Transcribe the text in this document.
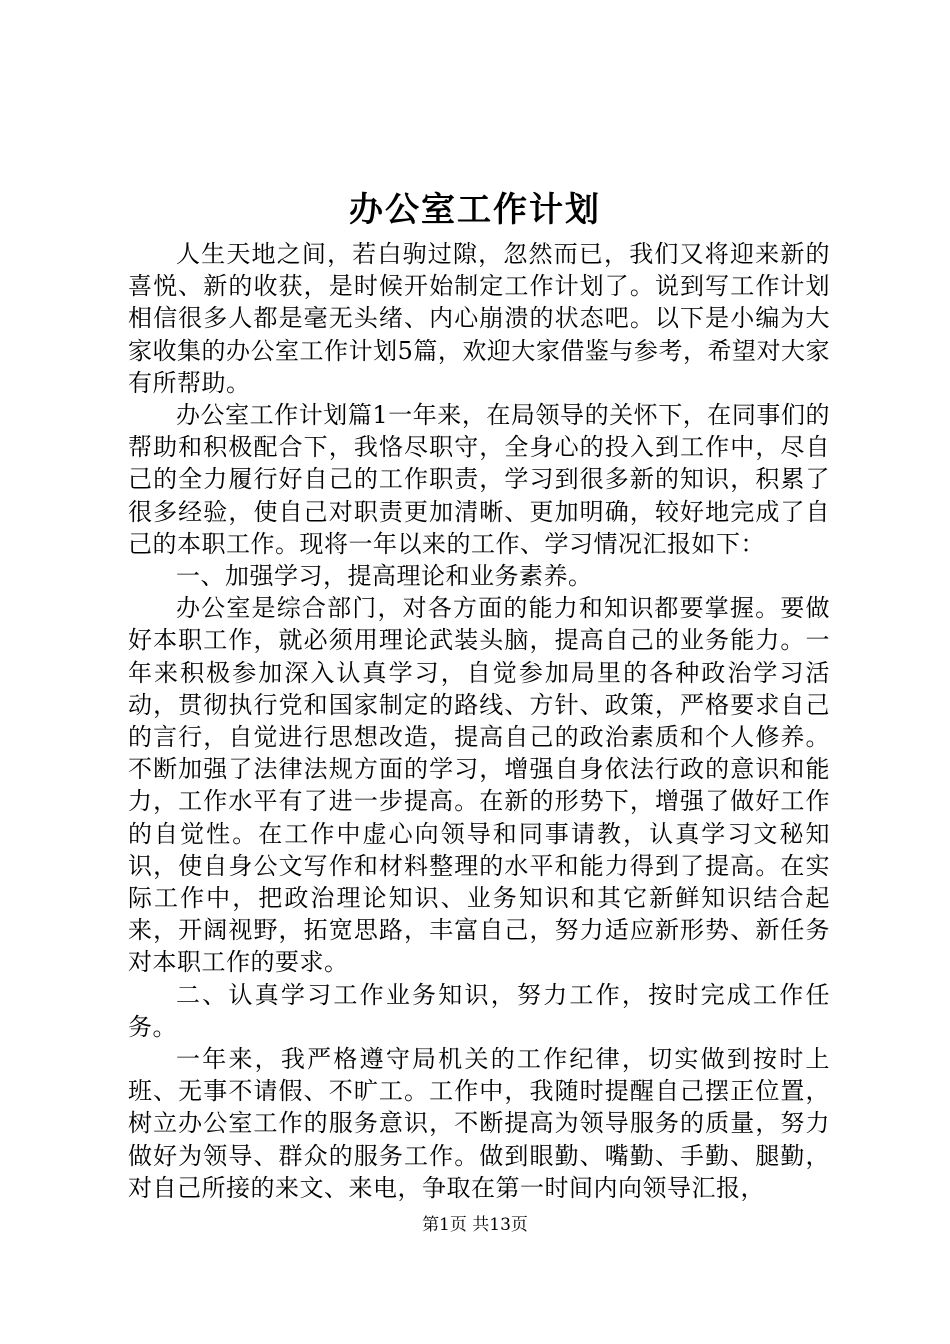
办公室工作计划

人生天地之间，若白驹过隙，忽然而已，我们又将迎来新的喜悦、新的收获，是时候开始制定工作计划了。说到写工作计划相信很多人都是毫无头绪、内心崩溃的状态吧。以下是小编为大家收集的办公室工作计划5篇，欢迎大家借鉴与参考，希望对大家有所帮助。

办公室工作计划篇1一年来，在局领导的关怀下，在同事们的帮助和积极配合下，我恪尽职守，全身心的投入到工作中，尽自己的全力履行好自己的工作职责，学习到很多新的知识，积累了很多经验，使自己对职责更加清晰、更加明确，较好地完成了自己的本职工作。现将一年以来的工作、学习情况汇报如下：

一、加强学习，提高理论和业务素养。

办公室是综合部门，对各方面的能力和知识都要掌握。要做好本职工作，就必须用理论武装头脑，提高自己的业务能力。一年来积极参加深入认真学习，自觉参加局里的各种政治学习活动，贯彻执行党和国家制定的路线、方针、政策，严格要求自己的言行，自觉进行思想改造，提高自己的政治素质和个人修养。不断加强了法律法规方面的学习，增强自身依法行政的意识和能力，工作水平有了进一步提高。在新的形势下，增强了做好工作的自觉性。在工作中虚心向领导和同事请教，认真学习文秘知识，使自身公文写作和材料整理的水平和能力得到了提高。在实际工作中，把政治理论知识、业务知识和其它新鲜知识结合起来，开阔视野，拓宽思路，丰富自己，努力适应新形势、新任务对本职工作的要求。

二、认真学习工作业务知识，努力工作，按时完成工作任务。

一年来，我严格遵守局机关的工作纪律，切实做到按时上班、无事不请假、不旷工。工作中，我随时提醒自己摆正位置，树立办公室工作的服务意识，不断提高为领导服务的质量，努力做好为领导、群众的服务工作。做到眼勤、嘴勤、手勤、腿勤，对自己所接的来文、来电，争取在第一时间内向领导汇报，

第1页 共13页
